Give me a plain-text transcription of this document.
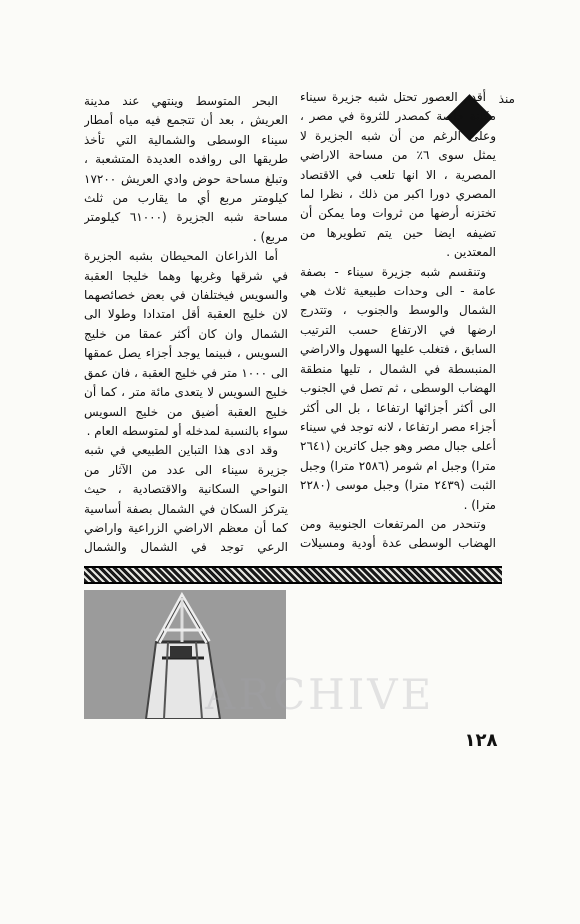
منذ

أقدم العصور تحتل شبه جزيرة سيناء مكانة خاصة كمصدر للثروة في مصر ، وعلى الرغم من أن شبه الجزيرة لا يمثل سوى ٦٪ من مساحة الاراضي المصرية ، الا انها تلعب في الاقتصاد المصري دورا اكبر من ذلك ، نظرا لما تختزنه أرضها من ثروات وما يمكن أن تضيفه ايضا حين يتم تطويرها من المعتدين .

وتنقسم شبه جزيرة سيناء - بصفة عامة - الى وحدات طبيعية ثلاث هي الشمال والوسط والجنوب ، وتتدرج ارضها في الارتفاع حسب الترتيب السابق ، فتغلب عليها السهول والاراضي المنبسطة في الشمال ، تليها منطقة الهضاب الوسطى ، ثم تصل في الجنوب الى أكثر أجزائها ارتفاعا ، بل الى أكثر أجزاء مصر ارتفاعا ، لانه توجد في سيناء أعلى جبال مصر وهو جبل كاترين (٢٦٤١ مترا) وجبل ام شومر (٢٥٨٦ مترا) وجبل الثبت (٢٤٣٩ مترا) وجبل موسى (٢٢٨٠ مترا) .

وتنحدر من المرتفعات الجنوبية ومن الهضاب الوسطى عدة أودية ومسيلات

البحر المتوسط وينتهي عند مدينة العريش ، بعد أن تتجمع فيه مياه أمطار سيناء الوسطى والشمالية التي تأخذ طريقها الى روافده العديدة المتشعبة ، وتبلغ مساحة حوض وادي العريش ١٧٢٠٠ كيلومتر مربع أي ما يقارب من ثلث مساحة شبه الجزيرة (٦١٠٠٠ كيلومتر مربع) .

أما الذراعان المحيطان بشبه الجزيرة في شرقها وغربها وهما خليجا العقبة والسويس فيختلفان في بعض خصائصهما لان خليج العقبة أقل امتدادا وطولا الى الشمال وان كان أكثر عمقا من خليج السويس ، فبينما يوجد أجزاء يصل عمقها الى ١٠٠٠ متر في خليج العقبة ، فان عمق خليج السويس لا يتعدى مائة متر ، كما أن خليج العقبة أضيق من خليج السويس سواء بالنسبة لمدخله أو لمتوسطه العام .

وقد ادى هذا التباين الطبيعي في شبه جزيرة سيناء الى عدد من الآثار من النواحي السكانية والاقتصادية ، حيث يتركز السكان في الشمال بصفة أساسية كما أن معظم الاراضي الزراعية واراضي الرعي توجد في الشمال والشمال

ARCHIVE
١٢٨
